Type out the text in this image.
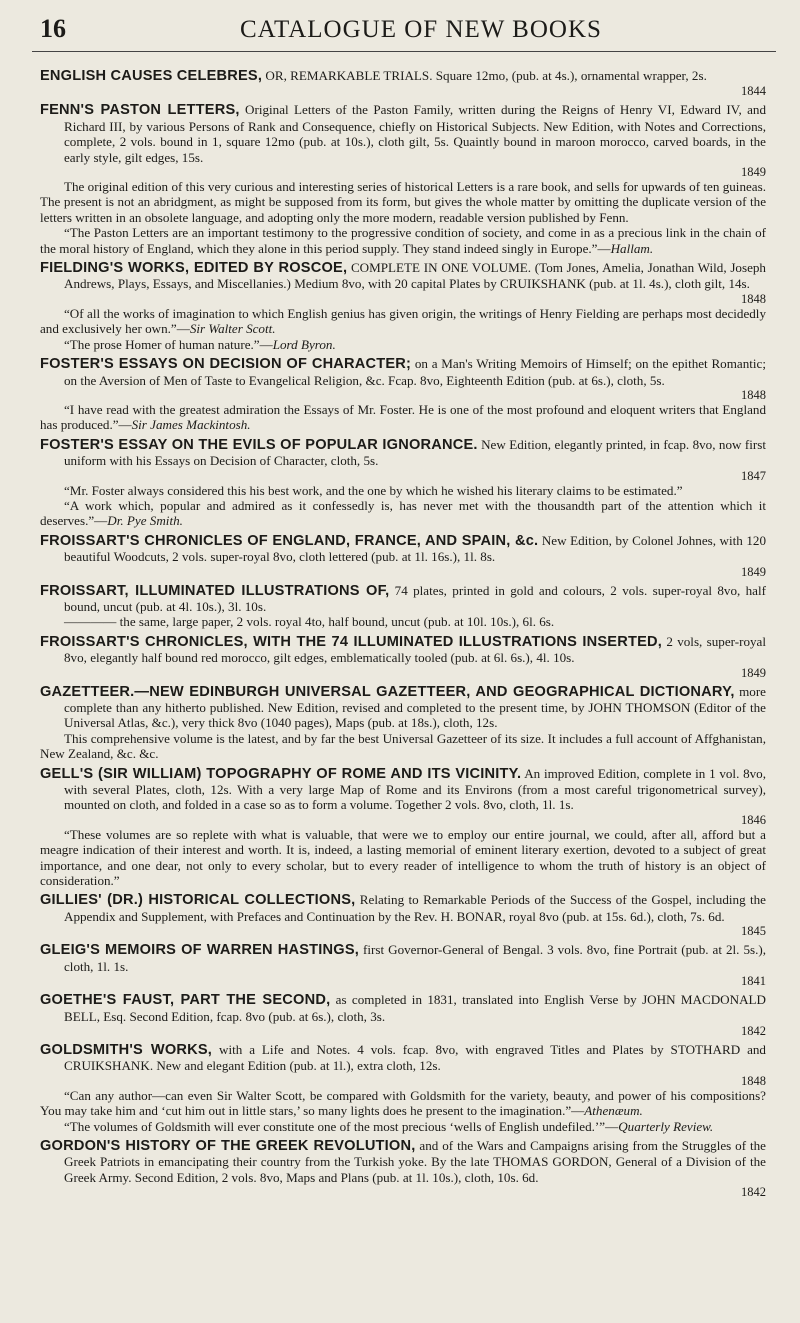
16	CATALOGUE OF NEW BOOKS

ENGLISH CAUSES CELEBRES, OR, REMARKABLE TRIALS. Square 12mo, (pub. at 4s.), ornamental wrapper, 2s.

1844

FENN'S PASTON LETTERS, Original Letters of the Paston Family, written during the Reigns of Henry VI, Edward IV, and Richard III, by various Persons of Rank and Consequence, chiefly on Historical Subjects. New Edition, with Notes and Corrections, complete, 2 vols. bound in 1, square 12mo (pub. at 10s.), cloth gilt, 5s. Quaintly bound in maroon morocco, carved boards, in the early style, gilt edges, 15s.

1849

The original edition of this very curious and interesting series of historical Letters is a rare book, and sells for upwards of ten guineas. The present is not an abridgment, as might be supposed from its form, but gives the whole matter by omitting the duplicate version of the letters written in an obsolete language, and adopting only the more modern, readable version published by Fenn.

“The Paston Letters are an important testimony to the progressive condition of society, and come in as a precious link in the chain of the moral history of England, which they alone in this period supply. They stand indeed singly in Europe.”—Hallam.

FIELDING'S WORKS, EDITED BY ROSCOE, COMPLETE IN ONE VOLUME. (Tom Jones, Amelia, Jonathan Wild, Joseph Andrews, Plays, Essays, and Miscellanies.) Medium 8vo, with 20 capital Plates by CRUIKSHANK (pub. at 1l. 4s.), cloth gilt, 14s.

1848

“Of all the works of imagination to which English genius has given origin, the writings of Henry Fielding are perhaps most decidedly and exclusively her own.”—Sir Walter Scott.

“The prose Homer of human nature.”—Lord Byron.

FOSTER'S ESSAYS ON DECISION OF CHARACTER; on a Man's Writing Memoirs of Himself; on the epithet Romantic; on the Aversion of Men of Taste to Evangelical Religion, &c. Fcap. 8vo, Eighteenth Edition (pub. at 6s.), cloth, 5s.

1848

“I have read with the greatest admiration the Essays of Mr. Foster. He is one of the most profound and eloquent writers that England has produced.”—Sir James Mackintosh.

FOSTER'S ESSAY ON THE EVILS OF POPULAR IGNORANCE. New Edition, elegantly printed, in fcap. 8vo, now first uniform with his Essays on Decision of Character, cloth, 5s.

1847

“Mr. Foster always considered this his best work, and the one by which he wished his literary claims to be estimated.”

“A work which, popular and admired as it confessedly is, has never met with the thousandth part of the attention which it deserves.”—Dr. Pye Smith.

FROISSART'S CHRONICLES OF ENGLAND, FRANCE, AND SPAIN, &c. New Edition, by Colonel Johnes, with 120 beautiful Woodcuts, 2 vols. super-royal 8vo, cloth lettered (pub. at 1l. 16s.), 1l. 8s.

1849

FROISSART, ILLUMINATED ILLUSTRATIONS OF, 74 plates, printed in gold and colours, 2 vols. super-royal 8vo, half bound, uncut (pub. at 4l. 10s.), 3l. 10s.

———— the same, large paper, 2 vols. royal 4to, half bound, uncut (pub. at 10l. 10s.), 6l. 6s.

FROISSART'S CHRONICLES, WITH THE 74 ILLUMINATED ILLUSTRATIONS INSERTED, 2 vols, super-royal 8vo, elegantly half bound red morocco, gilt edges, emblematically tooled (pub. at 6l. 6s.), 4l. 10s.

1849

GAZETTEER.—NEW EDINBURGH UNIVERSAL GAZETTEER, AND GEOGRAPHICAL DICTIONARY, more complete than any hitherto published. New Edition, revised and completed to the present time, by JOHN THOMSON (Editor of the Universal Atlas, &c.), very thick 8vo (1040 pages), Maps (pub. at 18s.), cloth, 12s.

This comprehensive volume is the latest, and by far the best Universal Gazetteer of its size. It includes a full account of Affghanistan, New Zealand, &c. &c.

GELL'S (SIR WILLIAM) TOPOGRAPHY OF ROME AND ITS VICINITY. An improved Edition, complete in 1 vol. 8vo, with several Plates, cloth, 12s. With a very large Map of Rome and its Environs (from a most careful trigonometrical survey), mounted on cloth, and folded in a case so as to form a volume. Together 2 vols. 8vo, cloth, 1l. 1s.

1846

“These volumes are so replete with what is valuable, that were we to employ our entire journal, we could, after all, afford but a meagre indication of their interest and worth. It is, indeed, a lasting memorial of eminent literary exertion, devoted to a subject of great importance, and one dear, not only to every scholar, but to every reader of intelligence to whom the truth of history is an object of consideration.”

GILLIES' (DR.) HISTORICAL COLLECTIONS, Relating to Remarkable Periods of the Success of the Gospel, including the Appendix and Supplement, with Prefaces and Continuation by the Rev. H. BONAR, royal 8vo (pub. at 15s. 6d.), cloth, 7s. 6d.

1845

GLEIG'S MEMOIRS OF WARREN HASTINGS, first Governor-General of Bengal. 3 vols. 8vo, fine Portrait (pub. at 2l. 5s.), cloth, 1l. 1s.

1841

GOETHE'S FAUST, PART THE SECOND, as completed in 1831, translated into English Verse by JOHN MACDONALD BELL, Esq. Second Edition, fcap. 8vo (pub. at 6s.), cloth, 3s.

1842

GOLDSMITH'S WORKS, with a Life and Notes. 4 vols. fcap. 8vo, with engraved Titles and Plates by STOTHARD and CRUIKSHANK. New and elegant Edition (pub. at 1l.), extra cloth, 12s.

1848

“Can any author—can even Sir Walter Scott, be compared with Goldsmith for the variety, beauty, and power of his compositions? You may take him and ‘cut him out in little stars,’ so many lights does he present to the imagination.”—Athenæum.

“The volumes of Goldsmith will ever constitute one of the most precious ‘wells of English undefiled.’”—Quarterly Review.

GORDON'S HISTORY OF THE GREEK REVOLUTION, and of the Wars and Campaigns arising from the Struggles of the Greek Patriots in emancipating their country from the Turkish yoke. By the late THOMAS GORDON, General of a Division of the Greek Army. Second Edition, 2 vols. 8vo, Maps and Plans (pub. at 1l. 10s.), cloth, 10s. 6d.

1842
